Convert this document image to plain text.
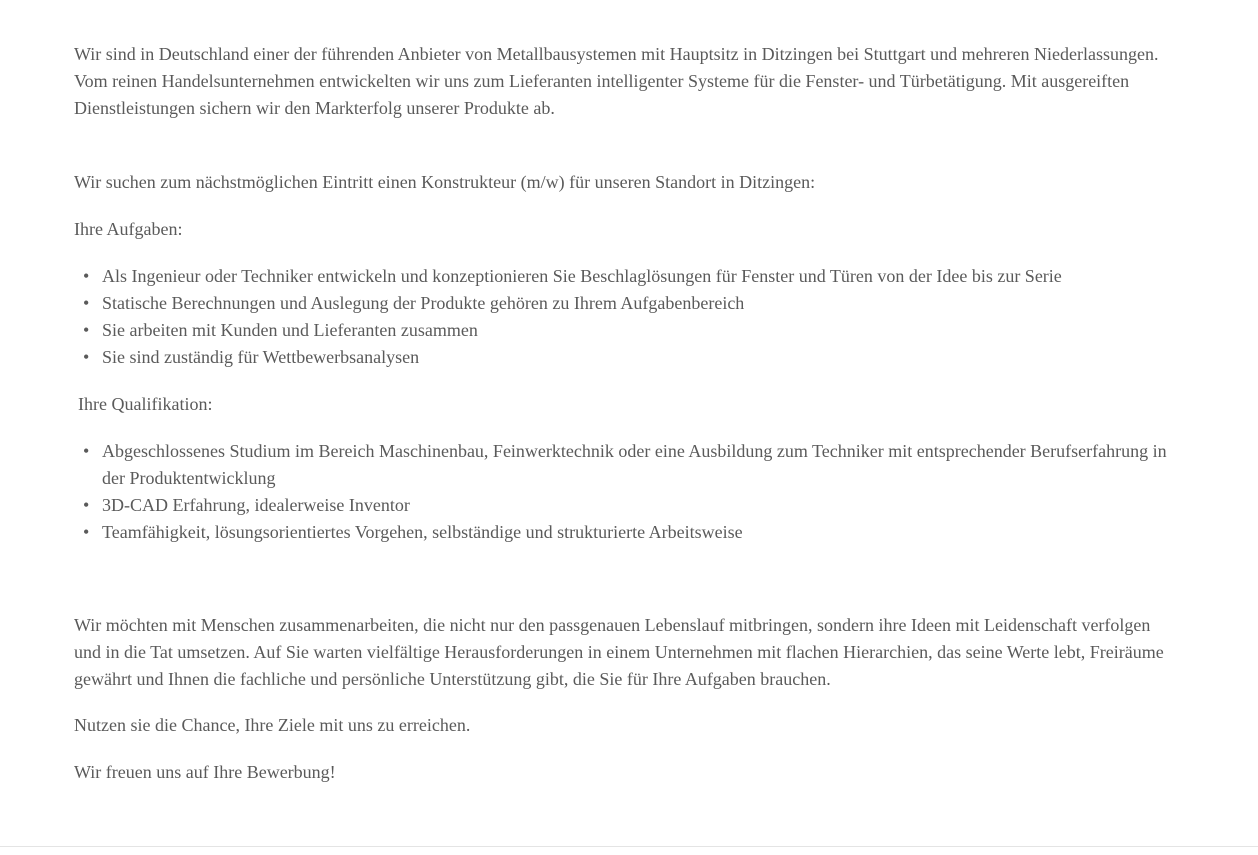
Wir sind in Deutschland einer der führenden Anbieter von Metallbausystemen mit Hauptsitz in Ditzingen bei Stuttgart und mehreren Niederlassungen. Vom reinen Handelsunternehmen entwickelten wir uns zum Lieferanten intelligenter Systeme für die Fenster- und Türbetätigung. Mit ausgereiften Dienstleistungen sichern wir den Markterfolg unserer Produkte ab.

Wir suchen zum nächstmöglichen Eintritt einen Konstrukteur (m/w) für unseren Standort in Ditzingen:

Ihre Aufgaben:

• Als Ingenieur oder Techniker entwickeln und konzeptionieren Sie Beschlaglösungen für Fenster und Türen von der Idee bis zur Serie
• Statische Berechnungen und Auslegung der Produkte gehören zu Ihrem Aufgabenbereich
• Sie arbeiten mit Kunden und Lieferanten zusammen
• Sie sind zuständig für Wettbewerbsanalysen

Ihre Qualifikation:

• Abgeschlossenes Studium im Bereich Maschinenbau, Feinwerktechnik oder eine Ausbildung zum Techniker mit entsprechender Berufserfahrung in der Produktentwicklung
• 3D-CAD Erfahrung, idealerweise Inventor
• Teamfähigkeit, lösungsorientiertes Vorgehen, selbständige und strukturierte Arbeitsweise

Wir möchten mit Menschen zusammenarbeiten, die nicht nur den passgenauen Lebenslauf mitbringen, sondern ihre Ideen mit Leidenschaft verfolgen und in die Tat umsetzen. Auf Sie warten vielfältige Herausforderungen in einem Unternehmen mit flachen Hierarchien, das seine Werte lebt, Freiräume gewährt und Ihnen die fachliche und persönliche Unterstützung gibt, die Sie für Ihre Aufgaben brauchen.

Nutzen sie die Chance, Ihre Ziele mit uns zu erreichen.

Wir freuen uns auf Ihre Bewerbung!
